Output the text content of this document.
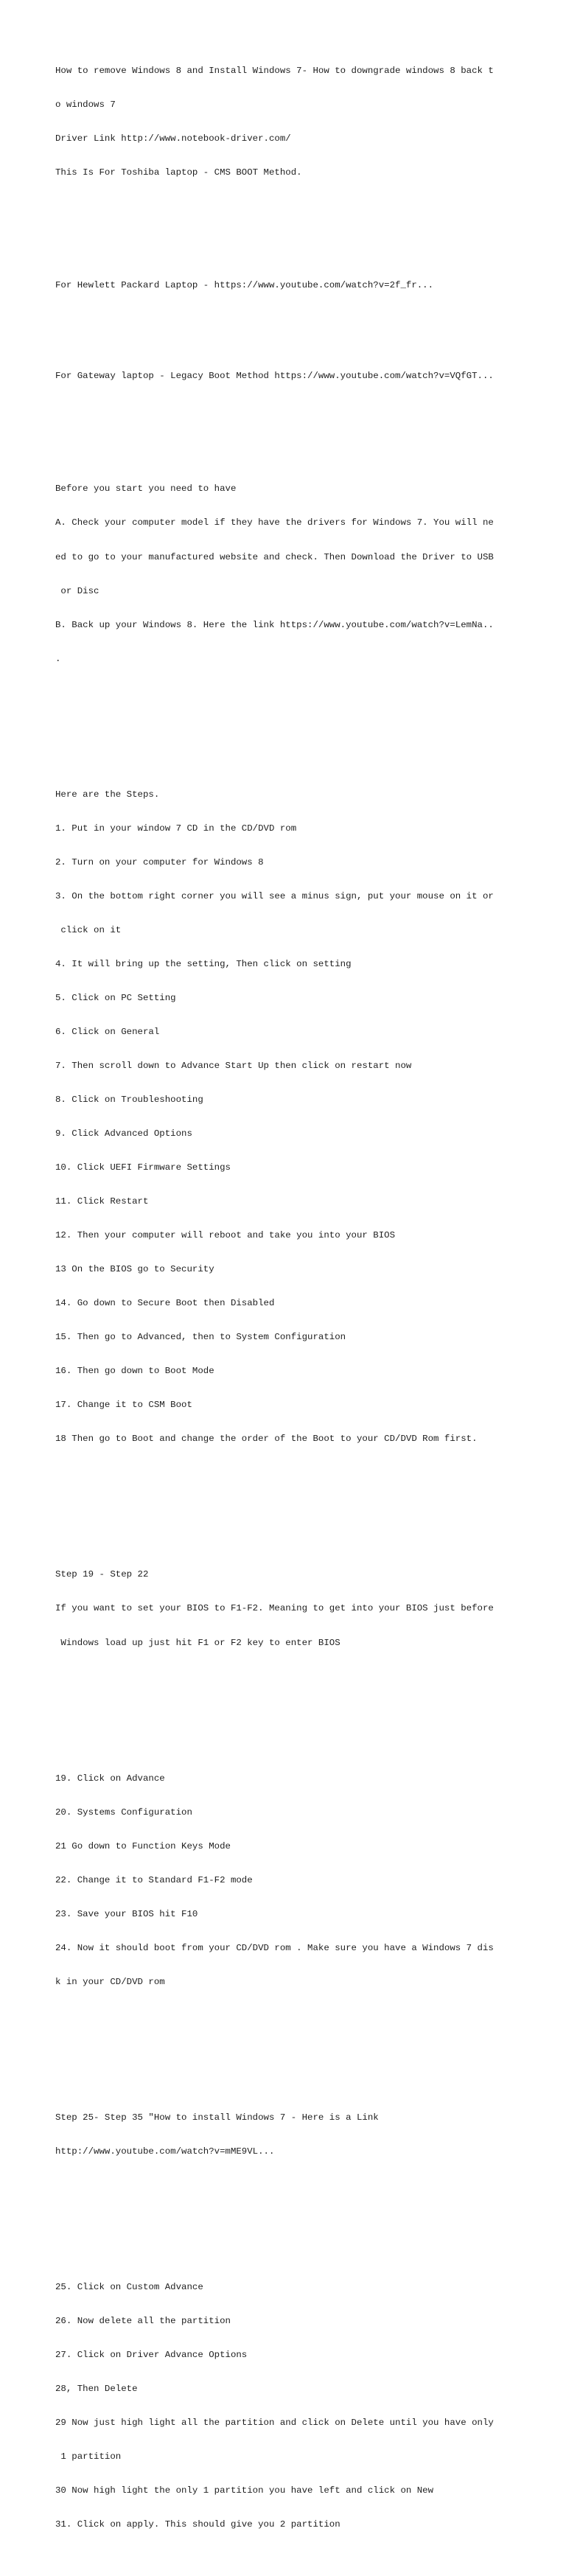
How to remove Windows 8 and Install Windows 7- How to downgrade windows 8 back t

o windows 7

Driver Link http://www.notebook-driver.com/

This Is For Toshiba laptop - CMS BOOT Method.

For Hewlett Packard Laptop - https://www.youtube.com/watch?v=2f_fr...

For Gateway laptop - Legacy Boot Method https://www.youtube.com/watch?v=VQfGT...

Before you start you need to have

A. Check your computer model if they have the drivers for Windows 7. You will ne

ed to go to your manufactured website and check. Then Download the Driver to USB

or Disc

B. Back up your Windows 8. Here the link https://www.youtube.com/watch?v=LemNa..

.

Here are the Steps.

1. Put in your window 7 CD in the CD/DVD rom

2. Turn on your computer for Windows 8

3. On the bottom right corner you will see a minus sign, put your mouse on it or

click on it

4. It will bring up the setting, Then click on setting

5. Click on PC Setting

6. Click on General

7. Then scroll down to Advance Start Up then click on restart now

8. Click on Troubleshooting

9. Click Advanced Options

10. Click UEFI Firmware Settings

11. Click Restart

12. Then your computer will reboot and take you into your BIOS

13 On the BIOS go to Security

14. Go down to Secure Boot then Disabled

15. Then go to Advanced, then to System Configuration

16. Then go down to Boot Mode

17. Change it to CSM Boot

18 Then go to Boot and change the order of the Boot to your CD/DVD Rom first.

Step 19 - Step 22

If you want to set your BIOS to F1-F2. Meaning to get into your BIOS just before

Windows load up just hit F1 or F2 key to enter BIOS

19. Click on Advance

20. Systems Configuration

21 Go down to Function Keys Mode

22. Change it to Standard F1-F2 mode

23. Save your BIOS hit F10

24. Now it should boot from your CD/DVD rom . Make sure you have a Windows 7 dis

k in your CD/DVD rom

Step 25- Step 35 "How to install Windows 7 - Here is a Link

http://www.youtube.com/watch?v=mME9VL...

25. Click on Custom Advance

26. Now delete all the partition

27. Click on Driver Advance Options

28, Then Delete

29 Now just high light all the partition and click on Delete until you have only

1 partition

30 Now high light the only 1 partition you have left and click on New

31. Click on apply. This should give you 2 partition
